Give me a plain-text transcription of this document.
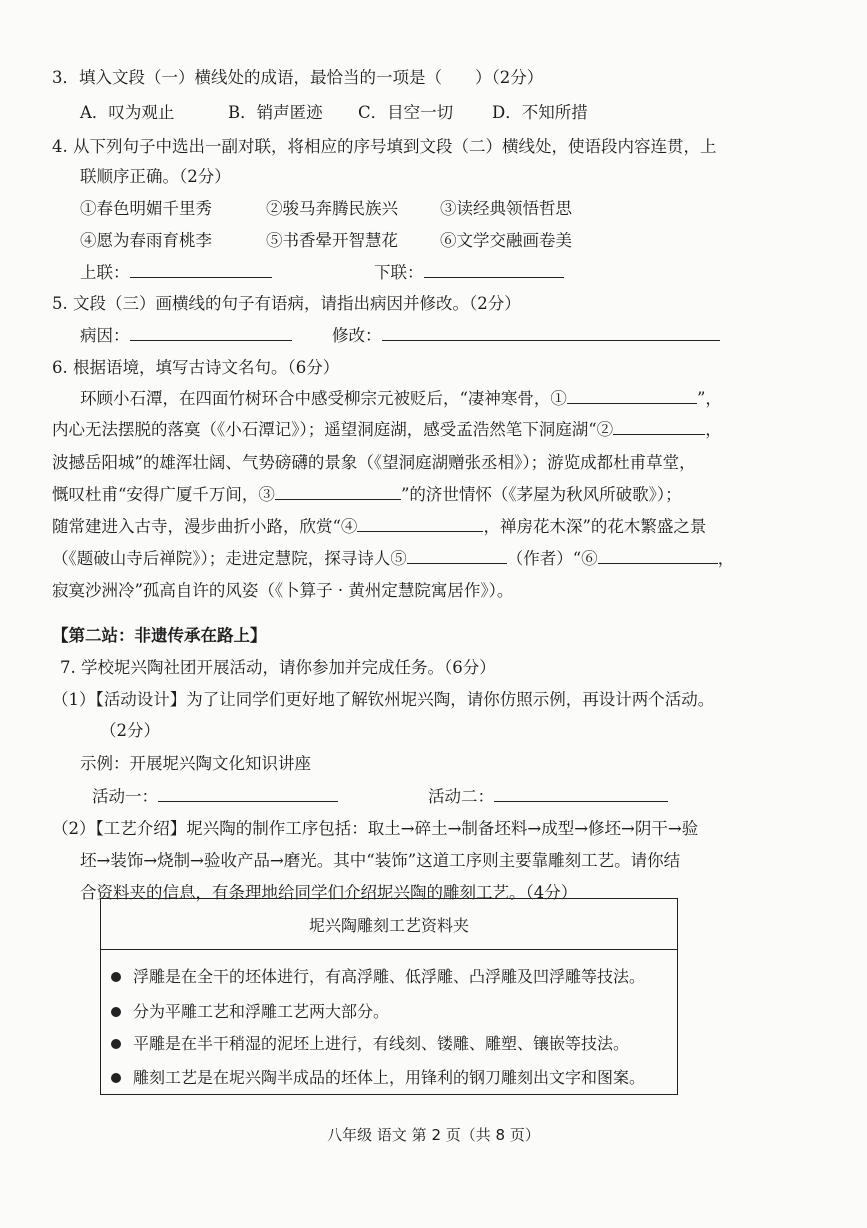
3．填入文段（一）横线处的成语，最恰当的一项是（　　）（2分）
A．叹为观止	B．销声匿迹 C．目空一切 D．不知所措
4. 从下列句子中选出一副对联，将相应的序号填到文段（二）横线处，使语段内容连贯，上
联顺序正确。（2分）
①春色明媚千里秀	②骏马奔腾民族兴	③读经典领悟哲思
④愿为春雨育桃李	⑤书香晕开智慧花	⑥文学交融画卷美
上联：	下联：
5. 文段（三）画横线的句子有语病，请指出病因并修改。（2分）
病因：	修改：
6. 根据语境，填写古诗文名句。（6分）
环顾小石潭，在四面竹树环合中感受柳宗元被贬后，“凄神寒骨，①	”，
内心无法摆脱的落寞（《小石潭记》）；遥望洞庭湖，感受孟浩然笔下洞庭湖“②	，
波撼岳阳城”的雄浑壮阔、气势磅礴的景象（《望洞庭湖赠张丞相》）；游览成都杜甫草堂，
慨叹杜甫“安得广厦千万间，③	”的济世情怀（《茅屋为秋风所破歌》）；
随常建进入古寺，漫步曲折小路，欣赏“④	，禅房花木深”的花木繁盛之景
（《题破山寺后禅院》）；走进定慧院，探寻诗人⑤	（作者）“⑥	，
寂寞沙洲冷”孤高自许的风姿（《卜算子 · 黄州定慧院寓居作》）。
【第二站：非遗传承在路上】
7. 学校坭兴陶社团开展活动，请你参加并完成任务。（6分）
（1）【活动设计】为了让同学们更好地了解钦州坭兴陶，请你仿照示例，再设计两个活动。
（2分）
示例：开展坭兴陶文化知识讲座
活动一：	活动二：
（2）【工艺介绍】坭兴陶的制作工序包括：取土→碎土→制备坯料→成型→修坯→阴干→验
坯→装饰→烧制→验收产品→磨光。其中“装饰”这道工序则主要靠雕刻工艺。请你结
合资料夹的信息，有条理地给同学们介绍坭兴陶的雕刻工艺。（4分）
坭兴陶雕刻工艺资料夹
浮雕是在全干的坯体进行，有高浮雕、低浮雕、凸浮雕及凹浮雕等技法。
分为平雕工艺和浮雕工艺两大部分。
平雕是在半干稍湿的泥坯上进行，有线刻、镂雕、雕塑、镶嵌等技法。
雕刻工艺是在坭兴陶半成品的坯体上，用锋利的钢刀雕刻出文字和图案。
八年级 语文 第 2 页（共 8 页）
